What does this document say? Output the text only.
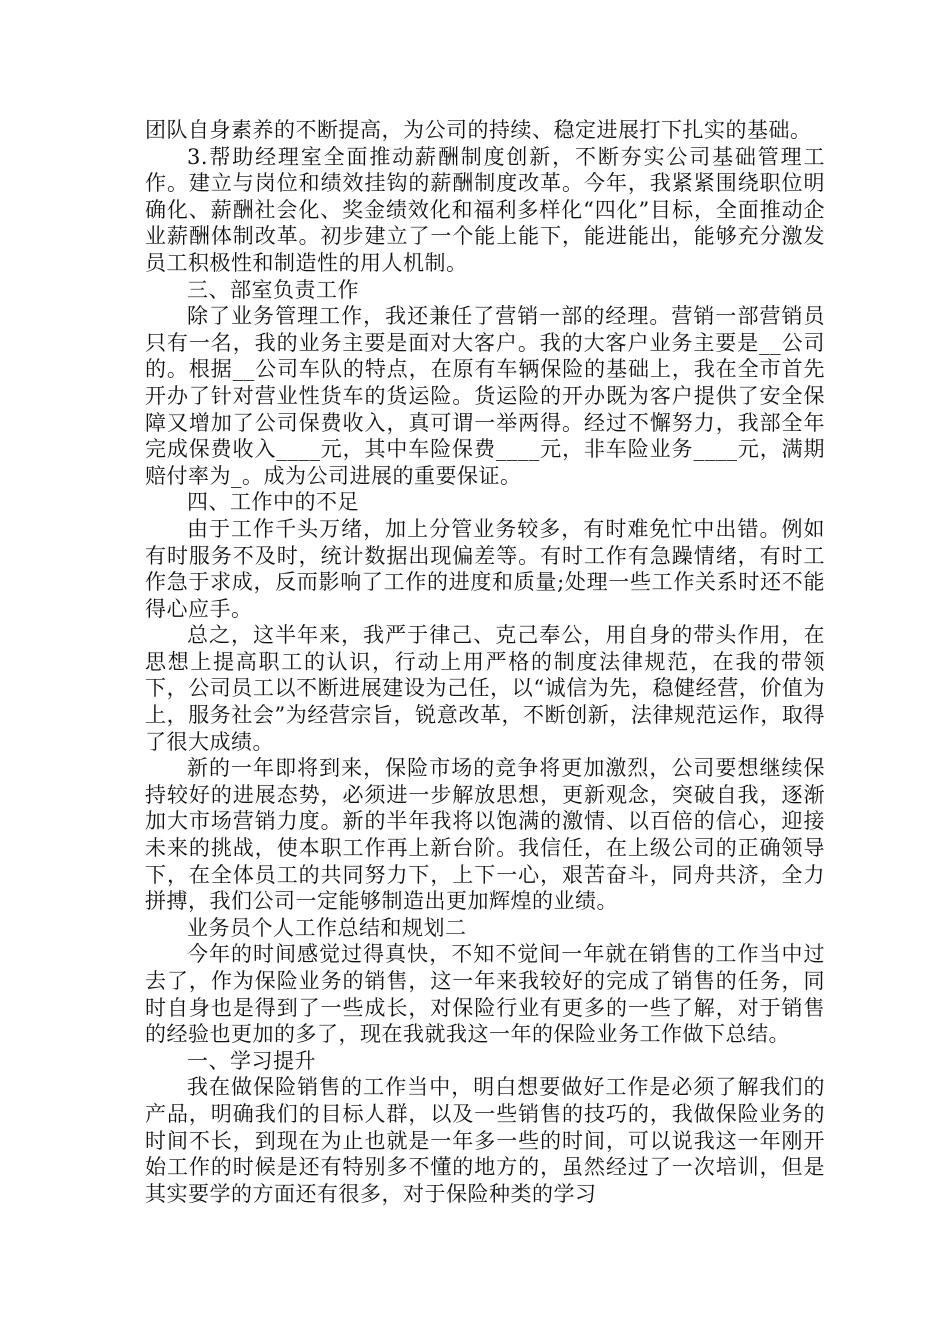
团队自身素养的不断提高，为公司的持续、稳定进展打下扎实的基础。

3.帮助经理室全面推动薪酬制度创新，不断夯实公司基础管理工作。建立与岗位和绩效挂钩的薪酬制度改革。今年，我紧紧围绕职位明确化、薪酬社会化、奖金绩效化和福利多样化“四化”目标，全面推动企业薪酬体制改革。初步建立了一个能上能下，能进能出，能够充分激发员工积极性和制造性的用人机制。

三、部室负责工作

除了业务管理工作，我还兼任了营销一部的经理。营销一部营销员只有一名，我的业务主要是面对大客户。我的大客户业务主要是__公司的。根据__公司车队的特点，在原有车辆保险的基础上，我在全市首先开办了针对营业性货车的货运险。货运险的开办既为客户提供了安全保障又增加了公司保费收入，真可谓一举两得。经过不懈努力，我部全年完成保费收入____元，其中车险保费____元，非车险业务____元，满期赔付率为_。成为公司进展的重要保证。

四、工作中的不足

由于工作千头万绪，加上分管业务较多，有时难免忙中出错。例如有时服务不及时，统计数据出现偏差等。有时工作有急躁情绪，有时工作急于求成，反而影响了工作的进度和质量;处理一些工作关系时还不能得心应手。

总之，这半年来，我严于律己、克己奉公，用自身的带头作用，在思想上提高职工的认识，行动上用严格的制度法律规范，在我的带领下，公司员工以不断进展建设为己任，以“诚信为先，稳健经营，价值为上，服务社会”为经营宗旨，锐意改革，不断创新，法律规范运作，取得了很大成绩。

新的一年即将到来，保险市场的竞争将更加激烈，公司要想继续保持较好的进展态势，必须进一步解放思想，更新观念，突破自我，逐渐加大市场营销力度。新的半年我将以饱满的激情、以百倍的信心，迎接未来的挑战，使本职工作再上新台阶。我信任，在上级公司的正确领导下，在全体员工的共同努力下，上下一心，艰苦奋斗，同舟共济，全力拼搏，我们公司一定能够制造出更加辉煌的业绩。

业务员个人工作总结和规划二

今年的时间感觉过得真快，不知不觉间一年就在销售的工作当中过去了，作为保险业务的销售，这一年来我较好的完成了销售的任务，同时自身也是得到了一些成长，对保险行业有更多的一些了解，对于销售的经验也更加的多了，现在我就我这一年的保险业务工作做下总结。

一、学习提升

我在做保险销售的工作当中，明白想要做好工作是必须了解我们的产品，明确我们的目标人群，以及一些销售的技巧的，我做保险业务的时间不长，到现在为止也就是一年多一些的时间，可以说我这一年刚开始工作的时候是还有特别多不懂的地方的，虽然经过了一次培训，但是其实要学的方面还有很多，对于保险种类的学习
